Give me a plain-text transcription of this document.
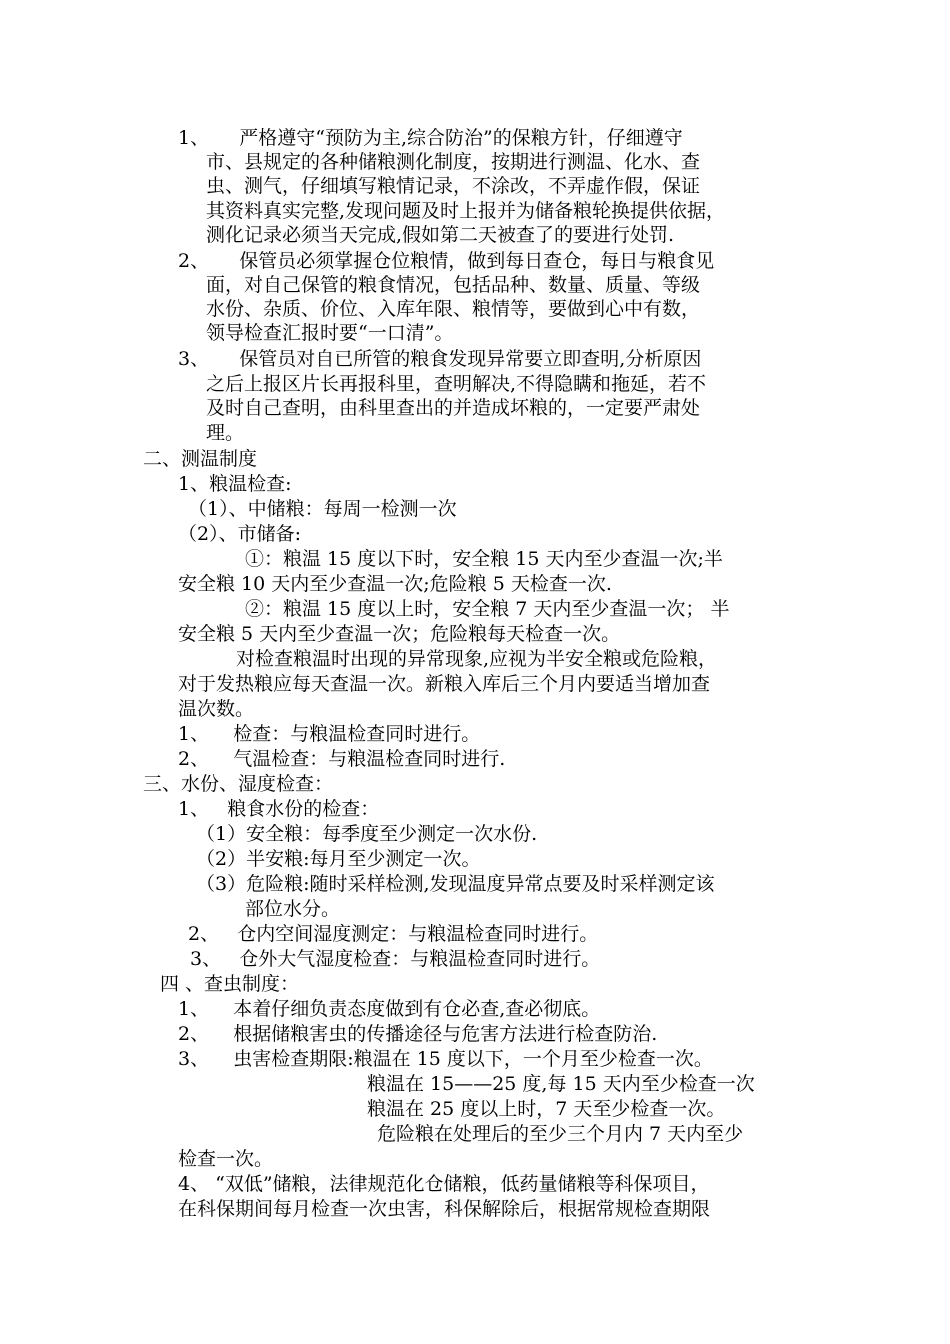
1、     严格遵守“预防为主,综合防治”的保粮方针，仔细遵守
市、县规定的各种储粮测化制度，按期进行测温、化水、查
虫、测气，仔细填写粮情记录，不涂改，不弄虚作假，保证
其资料真实完整,发现问题及时上报并为储备粮轮换提供依据，
测化记录必须当天完成,假如第二天被查了的要进行处罚.
2、     保管员必须掌握仓位粮情，做到每日查仓，每日与粮食见
面，对自己保管的粮食情况，包括品种、数量、质量、等级
水份、杂质、价位、入库年限、粮情等，要做到心中有数，
领导检查汇报时要“一口清”。
3、     保管员对自已所管的粮食发现异常要立即查明,分析原因
之后上报区片长再报科里，查明解决,不得隐瞒和拖延，若不
及时自己查明，由科里查出的并造成坏粮的，一定要严肃处
理。
二、测温制度
1、粮温检查:
（1）、中储粮：每周一检测一次
（2）、市储备:
①：粮温 15 度以下时，安全粮 15 天内至少查温一次;半
安全粮 10 天内至少查温一次;危险粮 5 天检查一次.
②：粮温 15 度以上时，安全粮 7 天内至少查温一次； 半
安全粮 5 天内至少查温一次；危险粮每天检查一次。
对检查粮温时出现的异常现象,应视为半安全粮或危险粮，
对于发热粮应每天查温一次。新粮入库后三个月内要适当增加查
温次数。
1、    检查：与粮温检查同时进行。
2、    气温检查：与粮温检查同时进行.
三、水份、湿度检查：
1、   粮食水份的检查：
（1）安全粮：每季度至少测定一次水份.
（2）半安粮:每月至少测定一次。
（3）危险粮:随时采样检测,发现温度异常点要及时采样测定该
部位水分。
2、   仓内空间湿度测定：与粮温检查同时进行。
3、   仓外大气湿度检查：与粮温检查同时进行。
四 、查虫制度：
1、    本着仔细负责态度做到有仓必查,查必彻底。
2、    根据储粮害虫的传播途径与危害方法进行检查防治.
3、    虫害检查期限:粮温在 15 度以下，一个月至少检查一次。
粮温在 15——25 度,每 15 天内至少检查一次
粮温在 25 度以上时，7 天至少检查一次。
危险粮在处理后的至少三个月内 7 天内至少
检查一次。
4、 “双低”储粮，法律规范化仓储粮，低药量储粮等科保项目，
在科保期间每月检查一次虫害，科保解除后，根据常规检查期限
